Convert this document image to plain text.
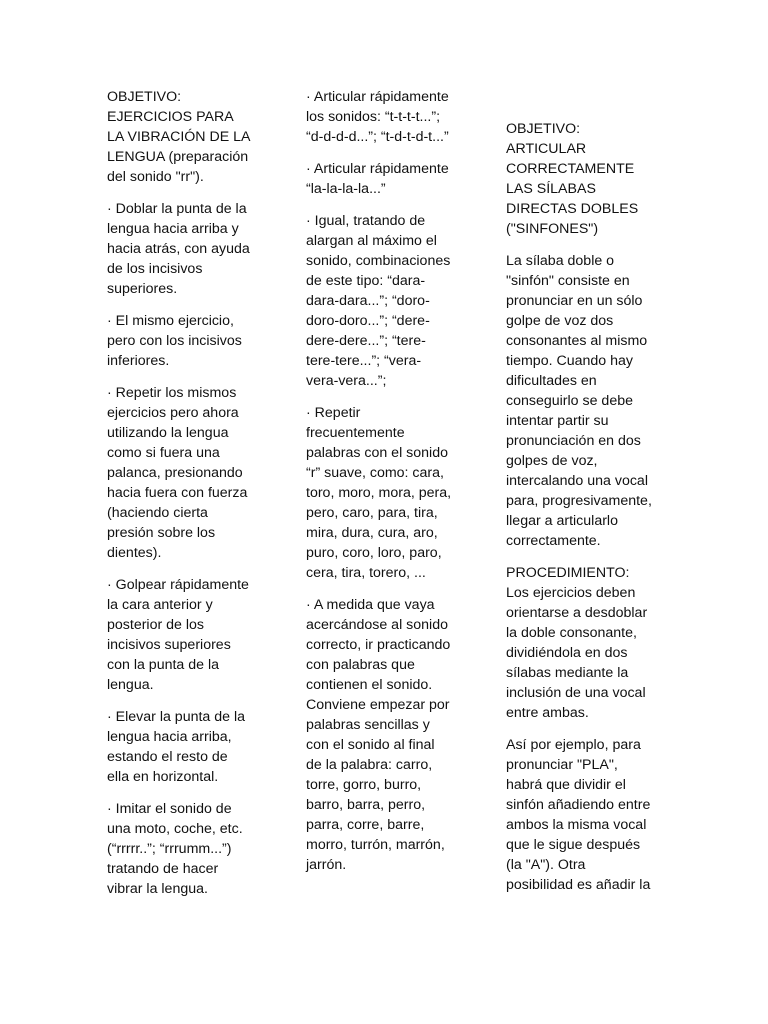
OBJETIVO:
EJERCICIOS PARA
LA VIBRACIÓN DE LA
LENGUA (preparación
del sonido "rr").

· Doblar la punta de la
lengua hacia arriba y
hacia atrás, con ayuda
de los incisivos
superiores.

· El mismo ejercicio,
pero con los incisivos
inferiores.

· Repetir los mismos
ejercicios pero ahora
utilizando la lengua
como si fuera una
palanca, presionando
hacia fuera con fuerza
(haciendo cierta
presión sobre los
dientes).

· Golpear rápidamente
la cara anterior y
posterior de los
incisivos superiores
con la punta de la
lengua.

· Elevar la punta de la
lengua hacia arriba,
estando el resto de
ella en horizontal.

· Imitar el sonido de
una moto, coche, etc.
(“rrrrr..”; “rrrumm...”)
tratando de hacer
vibrar la lengua.

· Articular rápidamente
los sonidos: “t-t-t-t...”;
“d-d-d-d...”; “t-d-t-d-t...”

· Articular rápidamente
“la-la-la-la...”

· Igual, tratando de
alargan al máximo el
sonido, combinaciones
de este tipo: “dara-
dara-dara...”; “doro-
doro-doro...”; “dere-
dere-dere...”; “tere-
tere-tere...”; “vera-
vera-vera...”;

· Repetir
frecuentemente
palabras con el sonido
“r” suave, como: cara,
toro, moro, mora, pera,
pero, caro, para, tira,
mira, dura, cura, aro,
puro, coro, loro, paro,
cera, tira, torero, ...

· A medida que vaya
acercándose al sonido
correcto, ir practicando
con palabras que
contienen el sonido.
Conviene empezar por
palabras sencillas y
con el sonido al final
de la palabra: carro,
torre, gorro, burro,
barro, barra, perro,
parra, corre, barre,
morro, turrón, marrón,
jarrón.

OBJETIVO:
ARTICULAR
CORRECTAMENTE
LAS SÍLABAS
DIRECTAS DOBLES
("SINFONES")

La sílaba doble o
"sinfón" consiste en
pronunciar en un sólo
golpe de voz dos
consonantes al mismo
tiempo. Cuando hay
dificultades en
conseguirlo se debe
intentar partir su
pronunciación en dos
golpes de voz,
intercalando una vocal
para, progresivamente,
llegar a articularlo
correctamente.

PROCEDIMIENTO:
Los ejercicios deben
orientarse a desdoblar
la doble consonante,
dividiéndola en dos
sílabas mediante la
inclusión de una vocal
entre ambas.

Así por ejemplo, para
pronunciar "PLA",
habrá que dividir el
sinfón añadiendo entre
ambos la misma vocal
que le sigue después
(la "A"). Otra
posibilidad es añadir la
